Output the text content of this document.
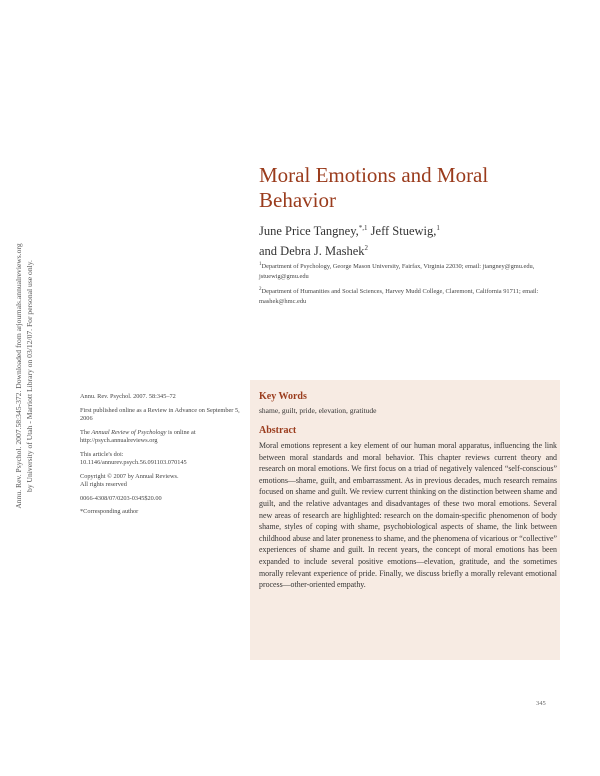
Annu. Rev. Psychol. 2007.58:345-372. Downloaded from arjournals.annualreviews.org by University of Utah - Marriott Library on 03/12/07. For personal use only.
Moral Emotions and Moral Behavior
June Price Tangney,$^{*,1}$ Jeff Stuewig,$^1$
and Debra J. Mashek$^2$
$^1$Department of Psychology, George Mason University, Fairfax, Virginia 22030; email: jtangney@gmu.edu, jstuewig@gmu.edu
$^2$Department of Humanities and Social Sciences, Harvey Mudd College, Claremont, California 91711; email: mashek@hmc.edu
Annu. Rev. Psychol. 2007. 58:345–72
First published online as a Review in Advance on September 5, 2006
The Annual Review of Psychology is online at http://psych.annualreviews.org
This article's doi:
10.1146/annurev.psych.56.091103.070145
Copyright © 2007 by Annual Reviews.
All rights reserved
0066-4308/07/0203-0345$20.00
*Corresponding author
Key Words
shame, guilt, pride, elevation, gratitude
Abstract

Moral emotions represent a key element of our human moral apparatus, influencing the link between moral standards and moral behavior. This chapter reviews current theory and research on moral emotions. We first focus on a triad of negatively valenced “self-conscious” emotions—shame, guilt, and embarrassment. As in previous decades, much research remains focused on shame and guilt. We review current thinking on the distinction between shame and guilt, and the relative advantages and disadvantages of these two moral emotions. Several new areas of research are highlighted: research on the domain-specific phenomenon of body shame, styles of coping with shame, psychobiological aspects of shame, the link between childhood abuse and later proneness to shame, and the phenomena of vicarious or “collective” experiences of shame and guilt. In recent years, the concept of moral emotions has been expanded to include several positive emotions—elevation, gratitude, and the sometimes morally relevant experience of pride. Finally, we discuss briefly a morally relevant emotional process—other-oriented empathy.

345
